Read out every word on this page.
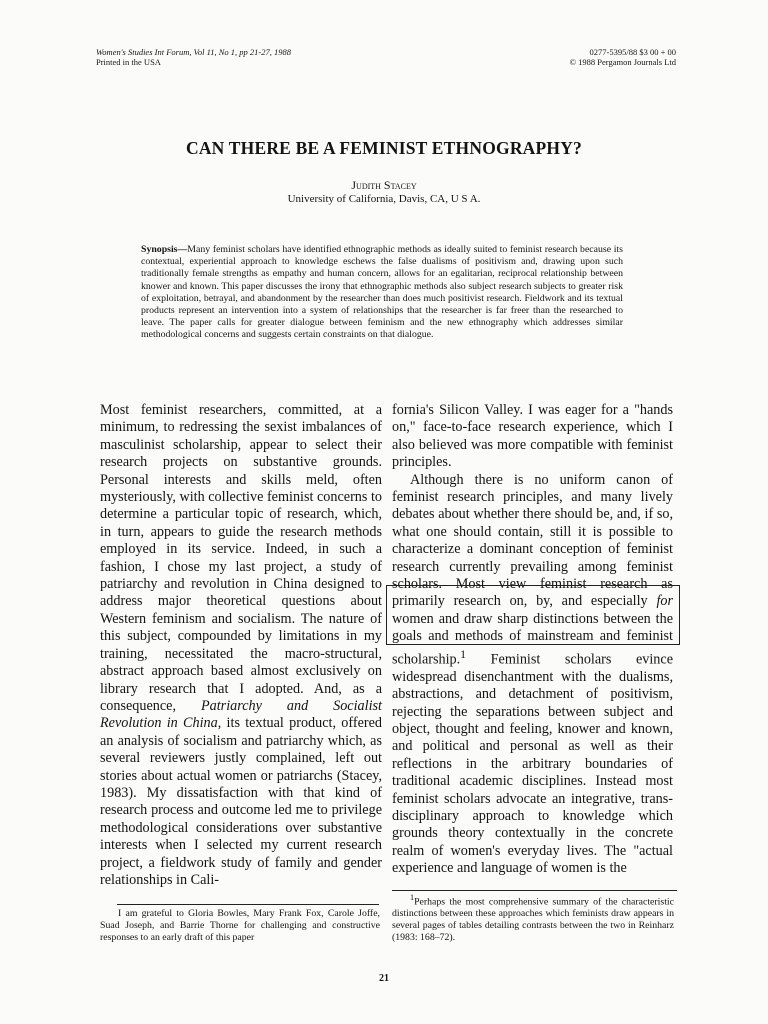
Women's Studies Int Forum, Vol 11, No 1, pp 21-27, 1988
Printed in the USA
0277-5395/88 $3 00 + 00
© 1988 Pergamon Journals Ltd
CAN THERE BE A FEMINIST ETHNOGRAPHY?
Judith Stacey
University of California, Davis, CA, U S A.
Synopsis—Many feminist scholars have identified ethnographic methods as ideally suited to feminist research because its contextual, experiential approach to knowledge eschews the false dualisms of positivism and, drawing upon such traditionally female strengths as empathy and human concern, allows for an egalitarian, reciprocal relationship between knower and known. This paper discusses the irony that ethnographic methods also subject research subjects to greater risk of exploitation, betrayal, and abandonment by the researcher than does much positivist research. Fieldwork and its textual products represent an intervention into a system of relationships that the researcher is far freer than the researched to leave. The paper calls for greater dialogue between feminism and the new ethnography which addresses similar methodological concerns and suggests certain constraints on that dialogue.

Most feminist researchers, committed, at a minimum, to redressing the sexist imbalances of masculinist scholarship, appear to select their research projects on substantive grounds. Personal interests and skills meld, often mysteriously, with collective feminist concerns to determine a particular topic of research, which, in turn, appears to guide the research methods employed in its service. Indeed, in such a fashion, I chose my last project, a study of patriarchy and revolution in China designed to address major theoretical questions about Western feminism and socialism. The nature of this subject, compounded by limitations in my training, necessitated the macro-structural, abstract approach based almost exclusively on library research that I adopted. And, as a consequence, Patriarchy and Socialist Revolution in China, its textual product, offered an analysis of socialism and patriarchy which, as several reviewers justly complained, left out stories about actual women or patriarchs (Stacey, 1983). My dissatisfaction with that kind of research process and outcome led me to privilege methodological considerations over substantive interests when I selected my current research project, a fieldwork study of family and gender relationships in Cali-

fornia's Silicon Valley. I was eager for a "hands on," face-to-face research experience, which I also believed was more compatible with feminist principles.

Although there is no uniform canon of feminist research principles, and many lively debates about whether there should be, and, if so, what one should contain, still it is possible to characterize a dominant conception of feminist research currently prevailing among feminist scholars. Most view feminist research as primarily research on, by, and especially for women and draw sharp distinctions between the goals and methods of mainstream and feminist scholarship.$^1$ Feminist scholars evince widespread disenchantment with the dualisms, abstractions, and detachment of positivism, rejecting the separations between subject and object, thought and feeling, knower and known, and political and personal as well as their reflections in the arbitrary boundaries of traditional academic disciplines. Instead most feminist scholars advocate an integrative, trans-disciplinary approach to knowledge which grounds theory contextually in the concrete realm of women's everyday lives. The "actual experience and language of women is the

I am grateful to Gloria Bowles, Mary Frank Fox, Carole Joffe, Suad Joseph, and Barrie Thorne for challenging and constructive responses to an early draft of this paper
$^1$Perhaps the most comprehensive summary of the characteristic distinctions between these approaches which feminists draw appears in several pages of tables detailing contrasts between the two in Reinharz (1983: 168–72).
21
